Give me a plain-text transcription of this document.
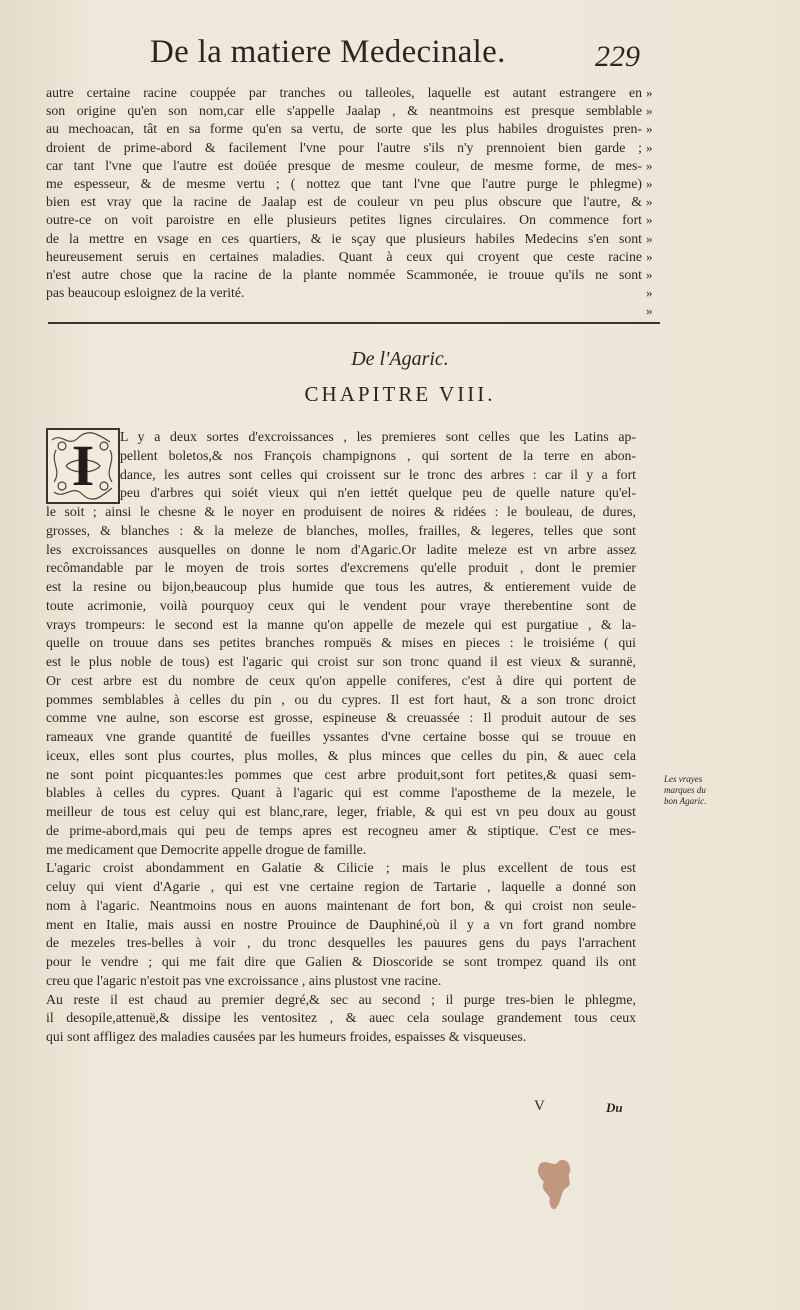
De la matiere Medecinale.	229
autre certaine racine couppée par tranches ou talleoles, laquelle est autant estrangere en
son origine qu'en son nom,car elle s'appelle Jaalap , & neantmoins est presque semblable
au mechoacan, tât en sa forme qu'en sa vertu, de sorte que les plus habiles droguistes pren-
droient de prime-abord & facilement l'vne pour l'autre s'ils n'y prennoient bien garde ;
car tant l'vne que l'autre est doüée presque de mesme couleur, de mesme forme, de mes-
me espesseur, & de mesme vertu ; ( nottez que tant l'vne que l'autre purge le phlegme)
bien est vray que la racine de Jaalap est de couleur vn peu plus obscure que l'autre, &
outre-ce on voit paroistre en elle plusieurs petites lignes circulaires. On commence fort
de la mettre en vsage en ces quartiers, & ie sçay que plusieurs habiles Medecins s'en sont
heureusement seruis en certaines maladies. Quant à ceux qui croyent que ceste racine
n'est autre chose que la racine de la plante nommée Scammonée, ie trouue qu'ils ne sont
pas beaucoup esloignez de la verité.
»
»
»
»
»
»
»
»
»
»
»
»
»
De l'Agaric.
CHAPITRE VIII.
L y a deux sortes d'excroissances , les premieres sont celles que les Latins ap-
pellent boletos,& nos François champignons , qui sortent de la terre en abon-
dance, les autres sont celles qui croissent sur le tronc des arbres : car il y a fort
peu d'arbres qui soiét vieux qui n'en iettét quelque peu de quelle nature qu'el-
le soit ; ainsi le chesne & le noyer en produisent de noires & ridées : le bouleau, de dures,
grosses, & blanches : & la meleze de blanches, molles, frailles, & legeres, telles que sont
les excroissances ausquelles on donne le nom d'Agaric.Or ladite meleze est vn arbre assez
recômandable par le moyen de trois sortes d'excremens qu'elle produit , dont le premier
est la resine ou bijon,beaucoup plus humide que tous les autres, & entierement vuide de
toute acrimonie, voilà pourquoy ceux qui le vendent pour vraye therebentine sont de
vrays trompeurs: le second est la manne qu'on appelle de mezele qui est purgatiue , & la-
quelle on trouue dans ses petites branches rompuës & mises en pieces : le troisiéme ( qui
est le plus noble de tous) est l'agaric qui croist sur son tronc quand il est vieux & surannë,
Or cest arbre est du nombre de ceux qu'on appelle coniferes, c'est à dire qui portent de
pommes semblables à celles du pin , ou du cypres. Il est fort haut, & a son tronc droict
comme vne aulne, son escorse est grosse, espineuse & creuassée : Il produit autour de ses
rameaux vne grande quantité de fueilles yssantes d'vne certaine bosse qui se trouue en
iceux, elles sont plus courtes, plus molles, & plus minces que celles du pin, & auec cela
ne sont point picquantes:les pommes que cest arbre produit,sont fort petites,& quasi sem-
blables à celles du cypres. Quant à l'agaric qui est comme l'apostheme de la mezele, le
meilleur de tous est celuy qui est blanc,rare, leger, friable, & qui est vn peu doux au goust
de prime-abord,mais qui peu de temps apres est recogneu amer & stiptique. C'est ce mes-
me medicament que Democrite appelle drogue de famille.
L'agaric croist abondamment en Galatie & Cilicie ; mais le plus excellent de tous est
celuy qui vient d'Agarie , qui est vne certaine region de Tartarie , laquelle a donné son
nom à l'agaric. Neantmoins nous en auons maintenant de fort bon, & qui croist non seule-
ment en Italie, mais aussi en nostre Prouince de Dauphiné,où il y a vn fort grand nombre
de mezeles tres-belles à voir , du tronc desquelles les pauures gens du pays l'arrachent
pour le vendre ; qui me fait dire que Galien & Dioscoride se sont trompez quand ils ont
creu que l'agaric n'estoit pas vne excroissance , ains plustost vne racine.
Au reste il est chaud au premier degré,& sec au second ; il purge tres-bien le phlegme,
il desopile,attenuë,& dissipe les ventositez , & auec cela soulage grandement tous ceux
qui sont affligez des maladies causées par les humeurs froides, espaisses & visqueuses.
I
Les vrayes marques du bon Agaric.
V	Du
